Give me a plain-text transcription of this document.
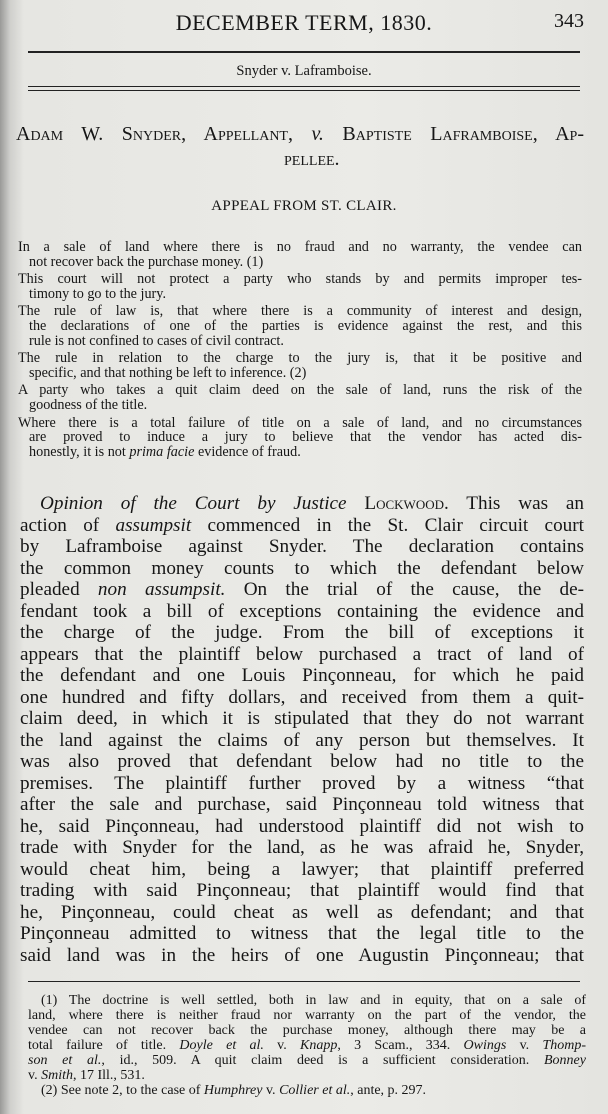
DECEMBER TERM, 1830.	343
Snyder v. Laframboise.
Adam W. Snyder, Appellant, v. Baptiste Laframboise, Ap-
pellee.
APPEAL FROM ST. CLAIR.
In a sale of land where there is no fraud and no warranty, the vendee can
not recover back the purchase money. (1)
This court will not protect a party who stands by and permits improper tes-
timony to go to the jury.
The rule of law is, that where there is a community of interest and design,
the declarations of one of the parties is evidence against the rest, and this
rule is not confined to cases of civil contract.
The rule in relation to the charge to the jury is, that it be positive and
specific, and that nothing be left to inference. (2)
A party who takes a quit claim deed on the sale of land, runs the risk of the
goodness of the title.
Where there is a total failure of title on a sale of land, and no circumstances
are proved to induce a jury to believe that the vendor has acted dis-
honestly, it is not prima facie evidence of fraud.
Opinion of the Court by Justice Lockwood. This was an
action of assumpsit commenced in the St. Clair circuit court
by Laframboise against Snyder. The declaration contains
the common money counts to which the defendant below
pleaded non assumpsit. On the trial of the cause, the de-
fendant took a bill of exceptions containing the evidence and
the charge of the judge. From the bill of exceptions it
appears that the plaintiff below purchased a tract of land of
the defendant and one Louis Pinçonneau, for which he paid
one hundred and fifty dollars, and received from them a quit-
claim deed, in which it is stipulated that they do not warrant
the land against the claims of any person but themselves. It
was also proved that defendant below had no title to the
premises. The plaintiff further proved by a witness “that
after the sale and purchase, said Pinçonneau told witness that
he, said Pinçonneau, had understood plaintiff did not wish to
trade with Snyder for the land, as he was afraid he, Snyder,
would cheat him, being a lawyer; that plaintiff preferred
trading with said Pinçonneau; that plaintiff would find that
he, Pinçonneau, could cheat as well as defendant; and that
Pinçonneau admitted to witness that the legal title to the
said land was in the heirs of one Augustin Pinçonneau; that
(1) The doctrine is well settled, both in law and in equity, that on a sale of
land, where there is neither fraud nor warranty on the part of the vendor, the
vendee can not recover back the purchase money, although there may be a
total failure of title. Doyle et al. v. Knapp, 3 Scam., 334. Owings v. Thomp-
son et al., id., 509. A quit claim deed is a sufficient consideration. Bonney
v. Smith, 17 Ill., 531.
(2) See note 2, to the case of Humphrey v. Collier et al., ante, p. 297.
